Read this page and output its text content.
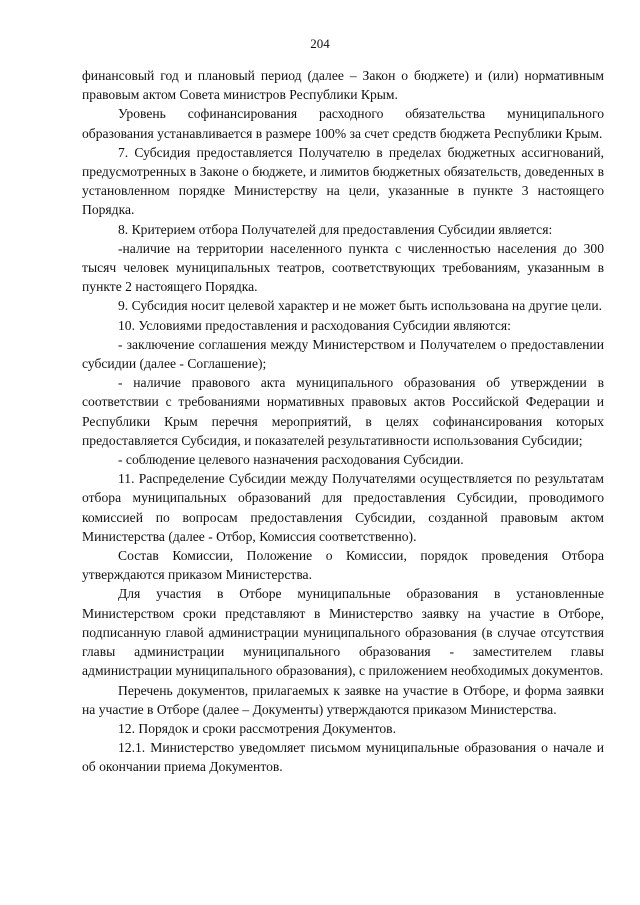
204

финансовый год и плановый период (далее – Закон о бюджете) и (или) нормативным правовым актом Совета министров Республики Крым.

Уровень софинансирования расходного обязательства муниципального образования устанавливается в размере 100% за счет средств бюджета Республики Крым.

7. Субсидия предоставляется Получателю в пределах бюджетных ассигнований, предусмотренных в Законе о бюджете, и лимитов бюджетных обязательств, доведенных в установленном порядке Министерству на цели, указанные в пункте 3 настоящего Порядка.

8. Критерием отбора Получателей для предоставления Субсидии является:

-наличие на территории населенного пункта с численностью населения до 300 тысяч человек муниципальных театров, соответствующих требованиям, указанным в пункте 2 настоящего Порядка.

9. Субсидия носит целевой характер и не может быть использована на другие цели.

10. Условиями предоставления и расходования Субсидии являются:

- заключение соглашения между Министерством и Получателем о предоставлении субсидии (далее - Соглашение);

- наличие правового акта муниципального образования об утверждении в соответствии с требованиями нормативных правовых актов Российской Федерации и Республики Крым перечня мероприятий, в целях софинансирования которых предоставляется Субсидия, и показателей результативности использования Субсидии;

- соблюдение целевого назначения расходования Субсидии.

11. Распределение Субсидии между Получателями осуществляется по результатам отбора муниципальных образований для предоставления Субсидии, проводимого комиссией по вопросам предоставления Субсидии, созданной правовым актом Министерства (далее - Отбор, Комиссия соответственно).

Состав Комиссии, Положение о Комиссии, порядок проведения Отбора утверждаются приказом Министерства.

Для участия в Отборе муниципальные образования в установленные Министерством сроки представляют в Министерство заявку на участие в Отборе, подписанную главой администрации муниципального образования (в случае отсутствия главы администрации муниципального образования - заместителем главы администрации муниципального образования), с приложением необходимых документов.

Перечень документов, прилагаемых к заявке на участие в Отборе, и форма заявки на участие в Отборе (далее – Документы) утверждаются приказом Министерства.

12. Порядок и сроки рассмотрения Документов.

12.1. Министерство уведомляет письмом муниципальные образования о начале и об окончании приема Документов.
